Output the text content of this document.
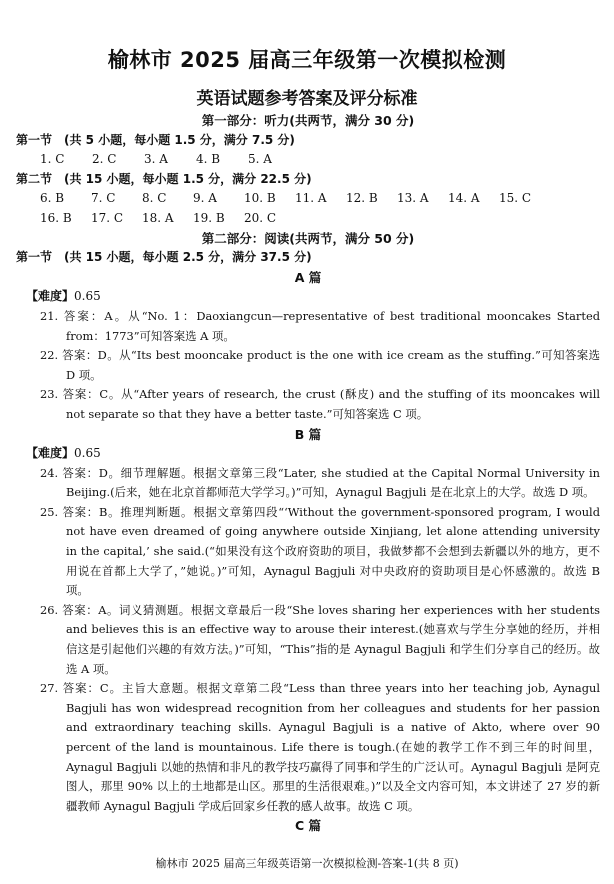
榆林市 2025 届高三年级第一次模拟检测
英语试题参考答案及评分标准
第一部分：听力(共两节，满分 30 分)
第一节　(共 5 小题，每小题 1.5 分，满分 7.5 分)
1. C 2. C 3. A 4. B 5. A
第二节　(共 15 小题，每小题 1.5 分，满分 22.5 分)
6. B 7. C 8. C 9. A 10. B 11. A 12. B 13. A 14. A 15. C
16. B 17. C 18. A 19. B 20. C
第二部分：阅读(共两节，满分 50 分)
第一节　(共 15 小题，每小题 2.5 分，满分 37.5 分)
A 篇
【难度】0.65
21. 答案：A。从“No. 1：Daoxiangcun—representative of best traditional mooncakes Started from：1773”可知答案选 A 项。
22. 答案：D。从“Its best mooncake product is the one with ice cream as the stuffing.”可知答案选 D 项。
23. 答案：C。从“After years of research, the crust (酥皮) and the stuffing of its mooncakes will not separate so that they have a better taste.”可知答案选 C 项。
B 篇
【难度】0.65
24. 答案：D。细节理解题。根据文章第三段“Later, she studied at the Capital Normal University in Beijing.(后来，她在北京首都师范大学学习。)”可知，Aynagul Bagjuli 是在北京上的大学。故选 D 项。
25. 答案：B。推理判断题。根据文章第四段“‘Without the government-sponsored program, I would not have even dreamed of going anywhere outside Xinjiang, let alone attending university in the capital,’ she said.(“如果没有这个政府资助的项目，我做梦都不会想到去新疆以外的地方，更不用说在首都上大学了，”她说。)”可知，Aynagul Bagjuli 对中央政府的资助项目是心怀感激的。故选 B 项。
26. 答案：A。词义猜测题。根据文章最后一段“She loves sharing her experiences with her students and believes this is an effective way to arouse their interest.(她喜欢与学生分享她的经历，并相信这是引起他们兴趣的有效方法。)”可知，“This”指的是 Aynagul Bagjuli 和学生们分享自己的经历。故选 A 项。
27. 答案：C。主旨大意题。根据文章第二段“Less than three years into her teaching job, Aynagul Bagjuli has won widespread recognition from her colleagues and students for her passion and extraordinary teaching skills. Aynagul Bagjuli is a native of Akto, where over 90 percent of the land is mountainous. Life there is tough.(在她的教学工作不到三年的时间里，Aynagul Bagjuli 以她的热情和非凡的教学技巧赢得了同事和学生的广泛认可。Aynagul Bagjuli 是阿克图人，那里 90% 以上的土地都是山区。那里的生活很艰难。)”以及全文内容可知，本文讲述了 27 岁的新疆教师 Aynagul Bagjuli 学成后回家乡任教的感人故事。故选 C 项。
C 篇
榆林市 2025 届高三年级英语第一次模拟检测-答案-1(共 8 页)
